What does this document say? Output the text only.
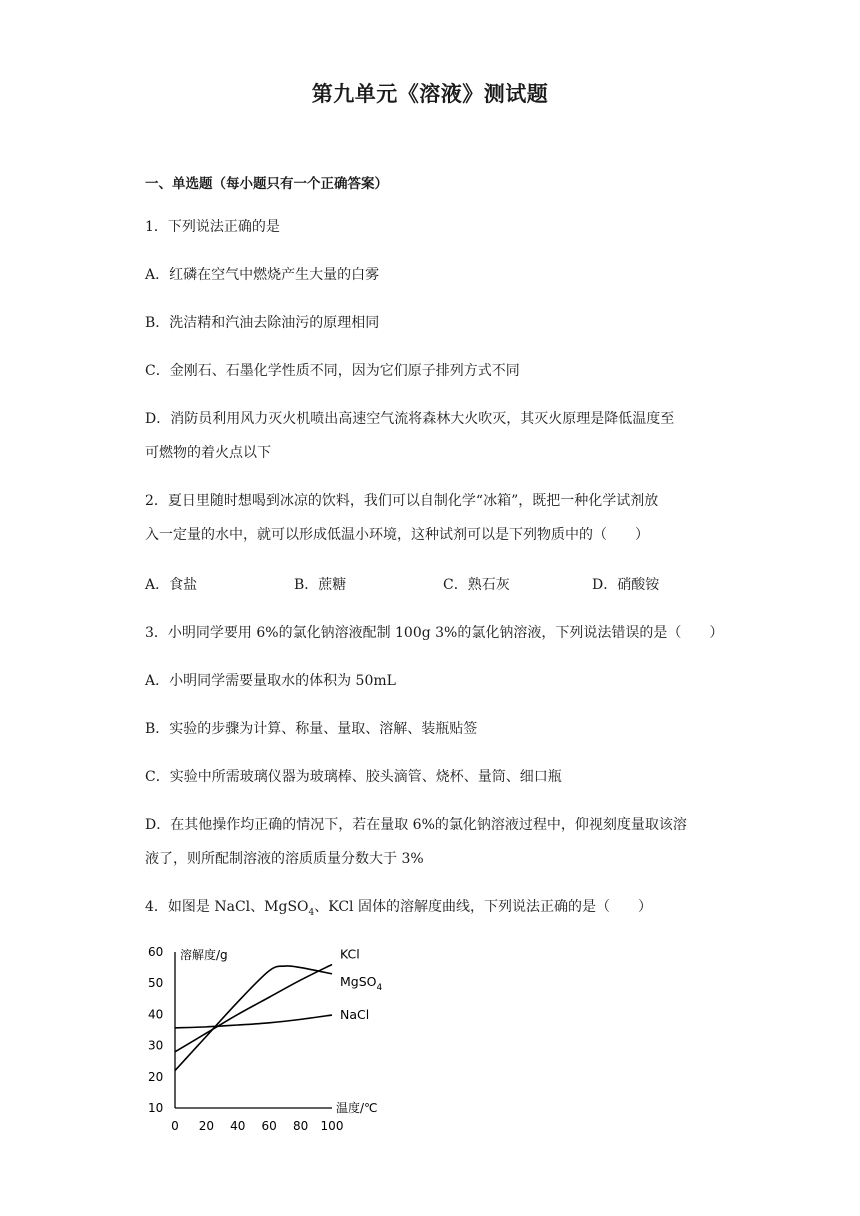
第九单元《溶液》测试题
一、单选题（每小题只有一个正确答案）
1．下列说法正确的是
A．红磷在空气中燃烧产生大量的白雾
B．洗洁精和汽油去除油污的原理相同
C．金刚石、石墨化学性质不同，因为它们原子排列方式不同
D．消防员利用风力灭火机喷出高速空气流将森林大火吹灭，其灭火原理是降低温度至
可燃物的着火点以下
2．夏日里随时想喝到冰凉的饮料，我们可以自制化学“冰箱”，既把一种化学试剂放
入一定量的水中，就可以形成低温小环境，这种试剂可以是下列物质中的（　　）
A．食盐	B．蔗糖	C．熟石灰	D．硝酸铵
3．小明同学要用 6%的氯化钠溶液配制 100g 3%的氯化钠溶液，下列说法错误的是（　　）
A．小明同学需要量取水的体积为 50mL
B．实验的步骤为计算、称量、量取、溶解、装瓶贴签
C．实验中所需玻璃仪器为玻璃棒、胶头滴管、烧杯、量筒、细口瓶
D．在其他操作均正确的情况下，若在量取 6%的氯化钠溶液过程中，仰视刻度量取该溶
液了，则所配制溶液的溶质质量分数大于 3%
4．如图是 NaCl、MgSO$_4$、KCl 固体的溶解度曲线，下列说法正确的是（　　）
溶解度/g
温度/℃
10
20
30
40
50
60
0 20 40 60 80 100
KCl
MgSO$_4$
NaCl
